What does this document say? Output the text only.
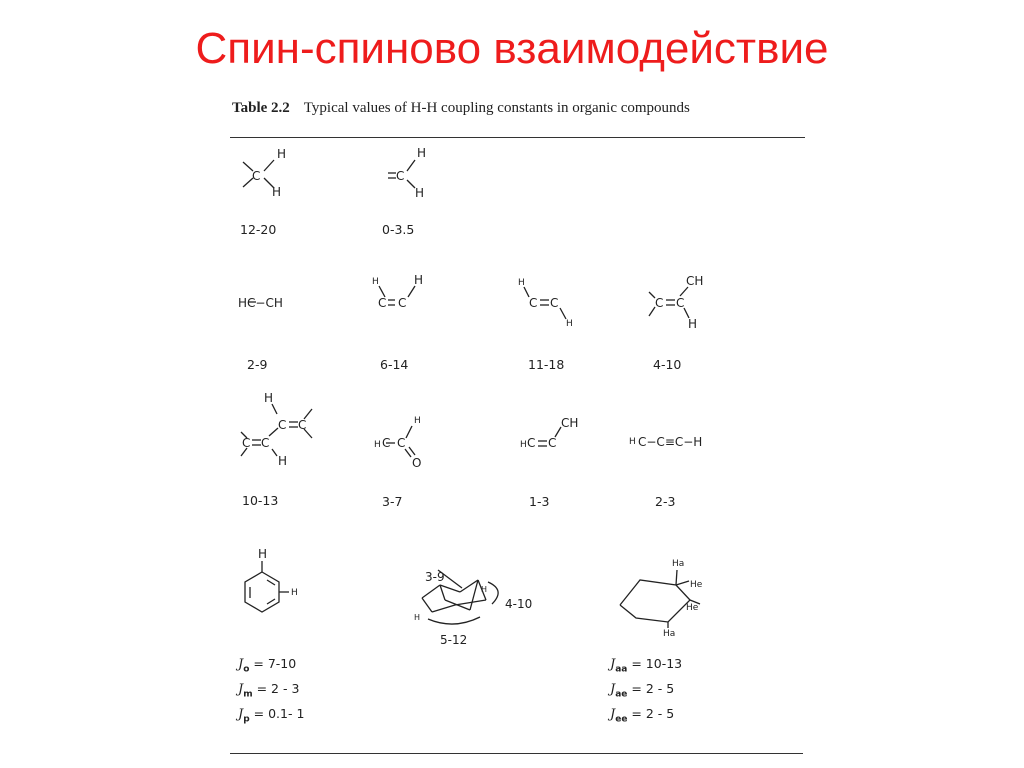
Спин-спиново взаимодействие
Table 2.2 Typical values of H-H coupling constants in organic compounds
H
C
H
H
C
H
HC−CH
H	H
C C
H
C C
H
CH
C C
H
H
C C
C C
H
H
H C C
O
H C C
CH
H C−C≡C−H
H
H
3-9
4-10
5-12
H
H
Ha
He
He
Ha
12-20	0-3.5
2-9	6-14	11-18	4-10
10-13	3-7	1-3	2-3
$J_o = 7-10$
$J_m = 2 - 3$
$J_p = 0.1-$ 1
$J_{aa} = 10-13$
$J_{ae} = 2 - 5$
$J_{ee} = 2 - 5$
